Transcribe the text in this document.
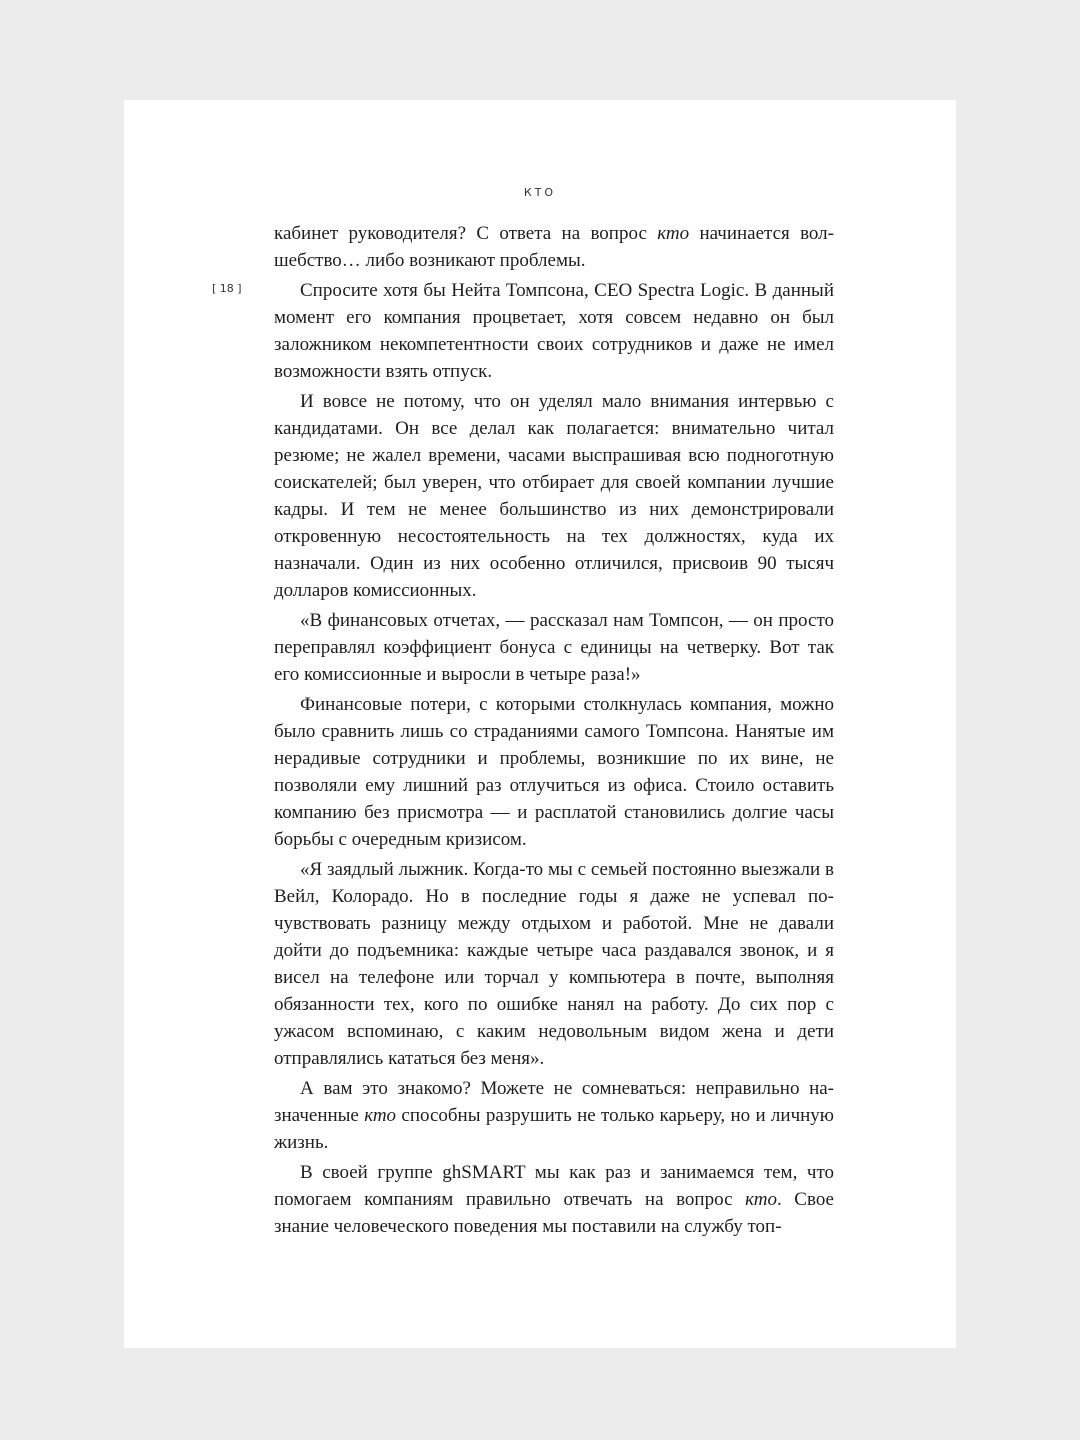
КТО
[ 18 ]

кабинет руководителя? С ответа на вопрос кто начинается волшебство… либо возникают проблемы.

Спросите хотя бы Нейта Томпсона, CEO Spectra Logic. В данный момент его компания процветает, хотя совсем недавно он был заложником некомпетентности своих сотрудников и даже не имел возможности взять отпуск.

И вовсе не потому, что он уделял мало внимания интервью с кандидатами. Он все делал как полагается: внимательно читал резюме; не жалел времени, часами выспрашивая всю подноготную соискателей; был уверен, что отбирает для своей компании лучшие кадры. И тем не менее большинство из них демонстрировали откровенную несостоятельность на тех должностях, куда их назначали. Один из них особенно отличился, присвоив 90 тысяч долларов комиссионных.

«В финансовых отчетах, — рассказал нам Томпсон, — он просто переправлял коэффициент бонуса с единицы на четверку. Вот так его комиссионные и выросли в четыре раза!»

Финансовые потери, с которыми столкнулась компания, можно было сравнить лишь со страданиями самого Томпсона. Нанятые им нерадивые сотрудники и проблемы, возникшие по их вине, не позволяли ему лишний раз отлучиться из офиса. Стоило оставить компанию без присмотра — и расплатой становились долгие часы борьбы с очередным кризисом.

«Я заядлый лыжник. Когда-то мы с семьей постоянно выезжали в Вейл, Колорадо. Но в последние годы я даже не успевал почувствовать разницу между отдыхом и работой. Мне не давали дойти до подъемника: каждые четыре часа раздавался звонок, и я висел на телефоне или торчал у компьютера в почте, выполняя обязанности тех, кого по ошибке нанял на работу. До сих пор с ужасом вспоминаю, с каким недовольным видом жена и дети отправлялись кататься без меня».

А вам это знакомо? Можете не сомневаться: неправильно назначенные кто способны разрушить не только карьеру, но и личную жизнь.

В своей группе ghSMART мы как раз и занимаемся тем, что помогаем компаниям правильно отвечать на вопрос кто. Свое знание человеческого поведения мы поставили на службу топ-
